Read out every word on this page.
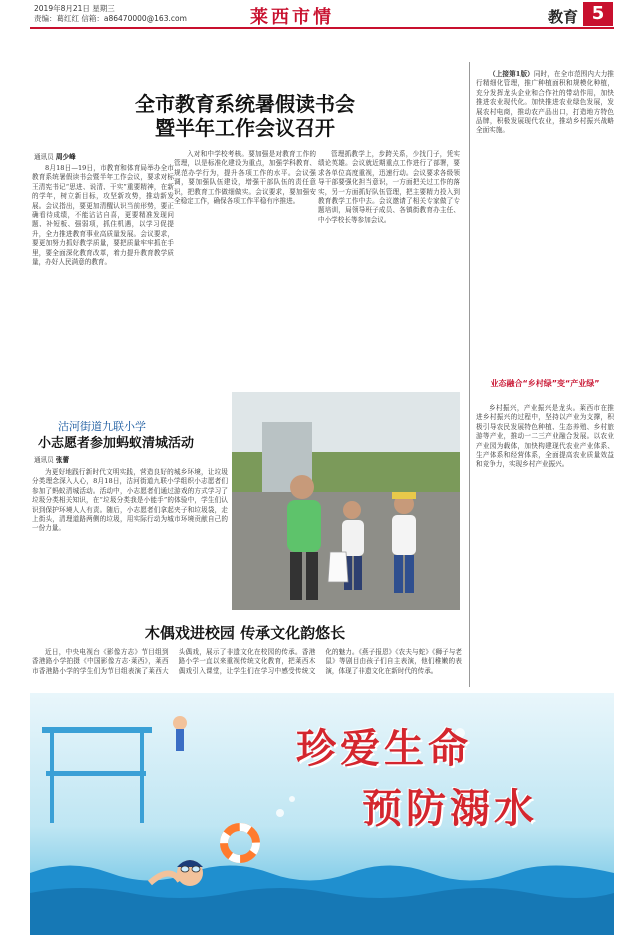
2019年8月21日 星期三
责编：葛红红 信箱：a86470000@163.com	莱西市情	教育 5
全市教育系统暑假读书会
暨半年工作会议召开
通讯员 周少峰
8月18日—19日，市教育和体育局举办全市教育系统暑假读书会暨半年工作会议，要求对标王清宪书记“思进、说清、干实”重要精神，在新的学年，树立新目标，攻坚新攻势，推动新发展。会议指出，要更加清醒认识当前形势，要正确看待成绩，不能沾沾自喜，更要精准发现问题、补短板、强弱项，抓住机遇，以学习促提升，全力推进教育事业高质量发展。会议要求，要更加努力抓好教学质量，要把质量牢牢抓在手里，要全面深化教育改革，着力提升教育教学质量，办好人民满意的教育。
入对和中学校考核。要加强是对教育工作的管理，以是标准化建设为重点，加强学科教育、规范办学行为，提升各项工作的水平。会议强调，要加强队伍建设，增强干部队伍的责任意识，把教育工作做细做实。会议要求，要加强安全稳定工作，确保各项工作平稳有序推进。
管理抓教学上，步跨关系，少找门子，凭实绩论英雄。会议就近期重点工作进行了部署，要求各单位高度重视，迅速行动。会议要求各级领导干部要强化担当意识，一方面把关过工作的落实，另一方面抓好队伍管理，把主要精力投入到教育教学工作中去。会议邀请了相关专家做了专题培训，局领导班子成员、各镇街教育办主任、中小学校长等参加会议。
沽河街道九联小学
小志愿者参加蚂蚁清城活动
通讯员 张蕾
为更好地践行新时代文明实践，营造良好的城乡环境，让垃圾分类理念深入人心，8月18日，沽河街道九联小学组织小志愿者们参加了蚂蚁清城活动。活动中，小志愿者们通过游戏的方式学习了垃圾分类相关知识，在“垃圾分类我是小能手”的体验中，学生们认识到保护环境人人有责。随后，小志愿者们拿起夹子和垃圾袋，走上街头，清理道路两侧的垃圾，用实际行动为城市环境贡献自己的一份力量。
木偶戏进校园 传承文化韵悠长
近日，中央电视台《影像方志》节目组到香港路小学拍摄《中国影像方志·莱西》，莱西市香港路小学的学生们为节目组表演了莱西大头偶戏，展示了非遗文化在校园的传承。香港路小学一直以来重视传统文化教育，把莱西木偶戏引入课堂，让学生们在学习中感受传统文化的魅力。《燕子报恩》《农夫与蛇》《狮子与老鼠》等剧目由孩子们自主表演，他们稚嫩的表演，体现了非遗文化在新时代的传承。
（上接第1版）同时，在全市范围内大力推行精细化管理，推广种植面积和规模化种植，充分发挥龙头企业和合作社的带动作用，加快推进农业现代化。加快推进农业绿色发展，发展农村电商，推动农产品出口，打造地方特色品牌，积极发展现代农业，推动乡村振兴战略全面实施。
业态融合“乡村绿”变“产业绿”
乡村振兴，产业振兴是龙头。莱西市在推进乡村振兴的过程中，坚持以产业为支撑，积极引导农民发展特色种植、生态养殖、乡村旅游等产业，推动一二三产业融合发展。以农业产业园为载体，加快构建现代农业产业体系、生产体系和经营体系，全面提高农业质量效益和竞争力，实现乡村产业振兴。
珍爱生命
预防溺水
